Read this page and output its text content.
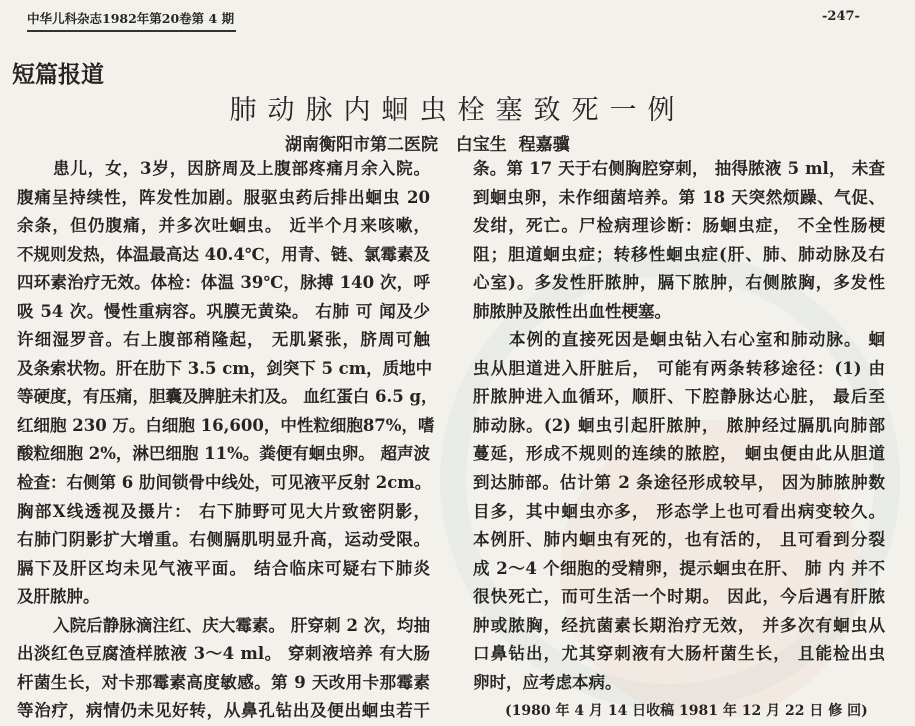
中华儿科杂志1982年第20卷第 4 期	-247-
短篇报道
肺动脉内蛔虫栓塞致死一例
湖南衡阳市第二医院   白宝生  程嘉骥
患儿，女，3岁，因脐周及上腹部疼痛月余入院。
腹痛呈持续性，阵发性加剧。服驱虫药后排出蛔虫 20
余条，但仍腹痛，并多次吐蛔虫。 近半个月来咳嗽，
不规则发热，体温最高达 40.4℃，用青、链、氯霉素及
四环素治疗无效。体检：体温 39℃，脉搏 140 次，呼
吸 54 次。慢性重病容。巩膜无黄染。 右肺 可 闻及少
许细湿罗音。右上腹部稍隆起， 无肌紧张，脐周可触
及条索状物。肝在肋下 3.5 cm，剑突下 5 cm，质地中
等硬度，有压痛，胆囊及脾脏未扪及。 血红蛋白 6.5 g，
红细胞 230 万。白细胞 16,600，中性粒细胞87%，嗜
酸粒细胞 2%，淋巴细胞 11%。粪便有蛔虫卵。 超声波
检查：右侧第 6 肋间锁骨中线处，可见液平反射 2cm。
胸部X线透视及摄片： 右下肺野可见大片致密阴影，
右肺门阴影扩大增重。右侧膈肌明显升高，运动受限。
膈下及肝区均未见气液平面。 结合临床可疑右下肺炎
及肝脓肿。
入院后静脉滴注红、庆大霉素。 肝穿刺 2 次，均抽
出淡红色豆腐渣样脓液 3～4 ml。 穿刺液培养 有大肠
杆菌生长，对卡那霉素高度敏感。第 9 天改用卡那霉素
等治疗，病情仍未见好转，从鼻孔钻出及便出蛔虫若干
条。第 17 天于右侧胸腔穿刺， 抽得脓液 5 ml， 未查
到蛔虫卵，未作细菌培养。第 18 天突然烦躁、气促、
发绀，死亡。尸检病理诊断：肠蛔虫症， 不全性肠梗
阻；胆道蛔虫症；转移性蛔虫症(肝、肺、肺动脉及右
心室)。多发性肝脓肿，膈下脓肿，右侧脓胸，多发性
肺脓肿及脓性出血性梗塞。
本例的直接死因是蛔虫钻入右心室和肺动脉。 蛔
虫从胆道进入肝脏后， 可能有两条转移途径：(1) 由
肝脓肿进入血循环，顺肝、下腔静脉达心脏， 最后至
肺动脉。(2) 蛔虫引起肝脓肿， 脓肿经过膈肌向肺部
蔓延，形成不规则的连续的脓腔， 蛔虫便由此从胆道
到达肺部。估计第 2 条途径形成较早， 因为肺脓肿数
目多，其中蛔虫亦多， 形态学上也可看出病变较久。
本例肝、肺内蛔虫有死的，也有活的， 且可看到分裂
成 2～4 个细胞的受精卵，提示蛔虫在肝、 肺 内 并不
很快死亡，而可生活一个时期。 因此，今后遇有肝脓
肿或脓胸，经抗菌素长期治疗无效， 并多次有蛔虫从
口鼻钻出，尤其穿刺液有大肠杆菌生长， 且能检出虫
卵时，应考虑本病。
(1980 年 4 月 14 日收稿 1981 年 12 月 22 日 修 回)
